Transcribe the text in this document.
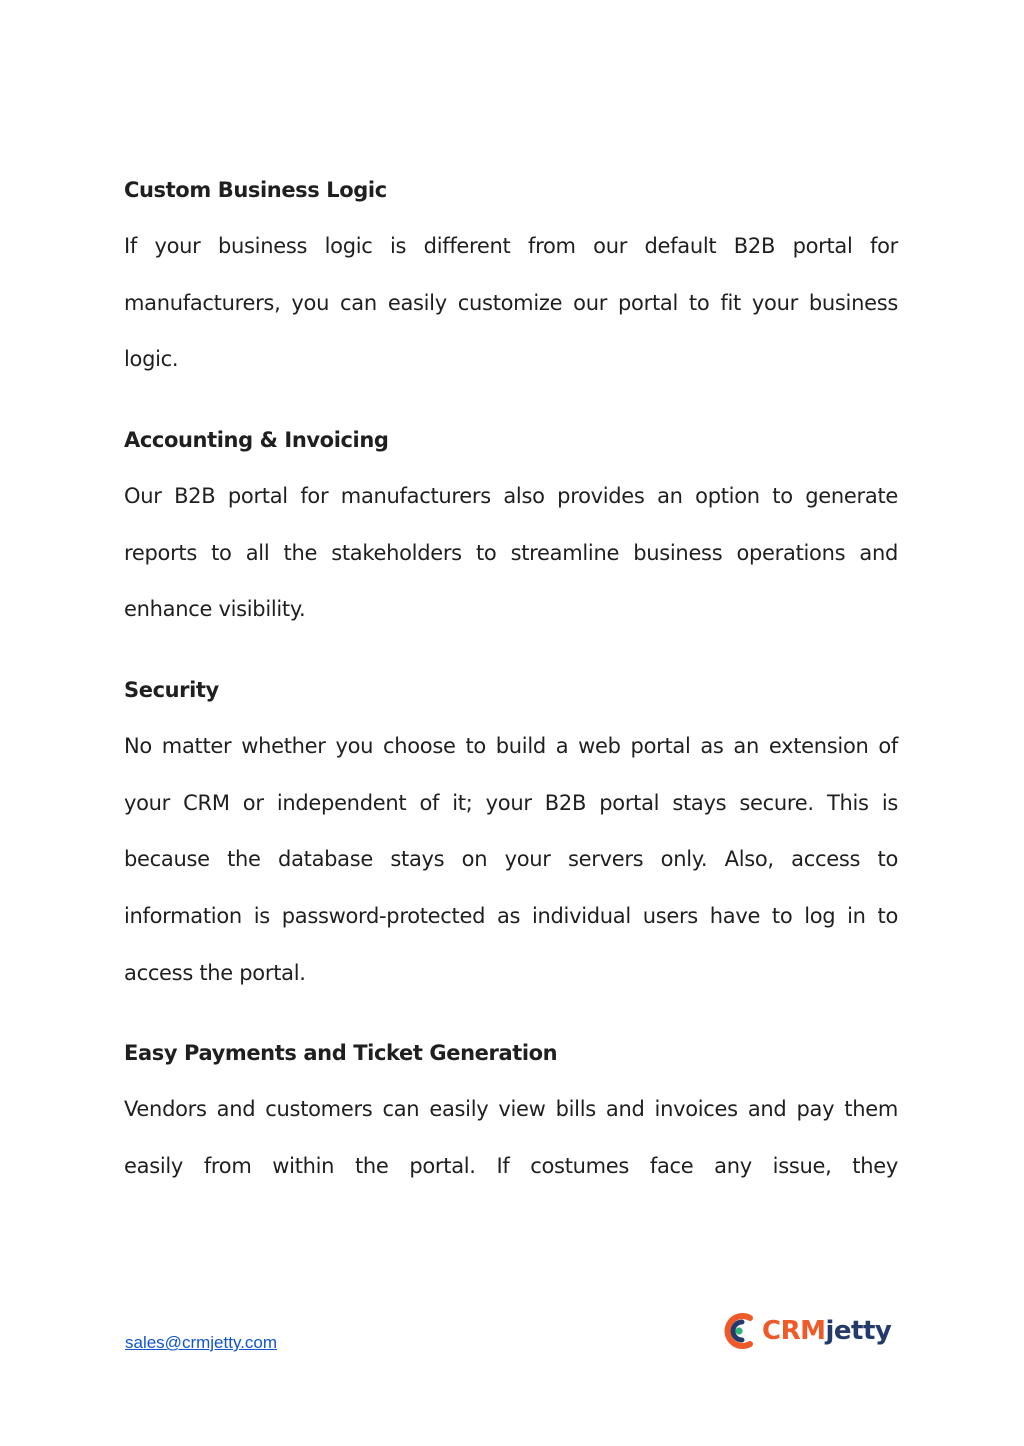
Custom Business Logic

If your business logic is different from our default B2B portal for manufacturers, you can easily customize our portal to fit your business logic.

Accounting & Invoicing

Our B2B portal for manufacturers also provides an option to generate reports to all the stakeholders to streamline business operations and enhance visibility.

Security

No matter whether you choose to build a web portal as an extension of your CRM or independent of it; your B2B portal stays secure. This is because the database stays on your servers only. Also, access to information is password-protected as individual users have to log in to access the portal.

Easy Payments and Ticket Generation

Vendors and customers can easily view bills and invoices and pay them easily from within the portal. If costumes face any issue, they

sales@crmjetty.com	CRMjetty
